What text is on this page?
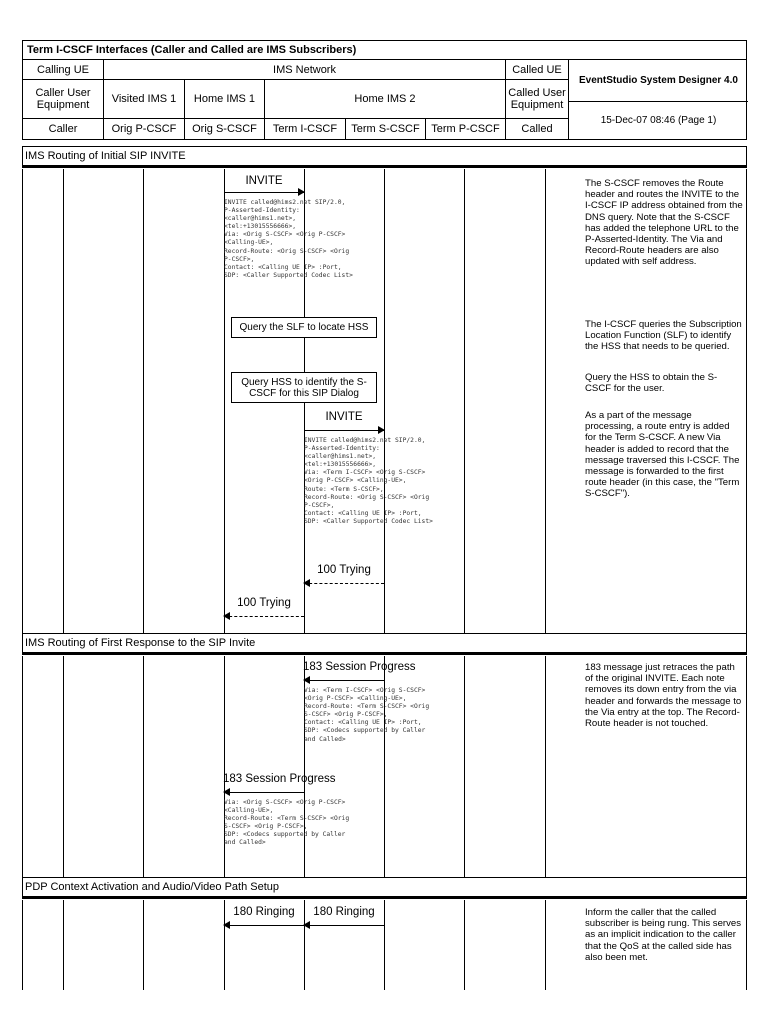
Term I-CSCF Interfaces (Caller and Called are IMS Subscribers)
Calling UE	IMS Network	Called UE
Caller User Equipment	Visited IMS 1	Home IMS 1	Home IMS 2	Called User Equipment
Caller	Orig P-CSCF	Orig S-CSCF	Term I-CSCF	Term S-CSCF	Term P-CSCF	Called
EventStudio System Designer 4.0
15-Dec-07 08:46 (Page 1)
IMS Routing of Initial SIP INVITE
IMS Routing of First Response to the SIP Invite
PDP Context Activation and Audio/Video Path Setup
INVITE
INVITE called@hims2.net SIP/2.0,
P-Asserted-Identity:
<caller@hims1.net>,
<tel:+13015556666>,
Via: <Orig S-CSCF> <Orig P-CSCF>
<Calling-UE>,
Record-Route: <Orig S-CSCF> <Orig
P-CSCF>,
Contact: <Calling UE IP> :Port,
SDP: <Caller Supported Codec List>
Query the SLF to locate HSS
Query HSS to identify the S-CSCF for this SIP Dialog
INVITE
INVITE called@hims2.net SIP/2.0,
P-Asserted-Identity:
<caller@hims1.net>,
<tel:+13015556666>,
Via: <Term I-CSCF> <Orig S-CSCF>
<Orig P-CSCF> <Calling-UE>,
Route: <Term S-CSCF>,
Record-Route: <Orig S-CSCF> <Orig
P-CSCF>,
Contact: <Calling UE IP> :Port,
SDP: <Caller Supported Codec List>
100 Trying
100 Trying
183 Session Progress
Via: <Term I-CSCF> <Orig S-CSCF>
<Orig P-CSCF> <Calling-UE>,
Record-Route: <Term S-CSCF> <Orig
S-CSCF> <Orig P-CSCF>,
Contact: <Calling UE IP> :Port,
SDP: <Codecs supported by Caller
and Called>
183 Session Progress
Via: <Orig S-CSCF> <Orig P-CSCF>
<Calling-UE>,
Record-Route: <Term S-CSCF> <Orig
S-CSCF> <Orig P-CSCF>,
SDP: <Codecs supported by Caller
and Called>
180 Ringing	180 Ringing
The S-CSCF removes the Route header and routes the INVITE to the I-CSCF IP address obtained from the DNS query. Note that the S-CSCF has added the telephone URL to the P-Asserted-Identity. The Via and Record-Route headers are also updated with self address.
The I-CSCF queries the Subscription Location Function (SLF) to identify the HSS that needs to be queried.
Query the HSS to obtain the S-CSCF for the user.
As a part of the message processing, a route entry is added for the Term S-CSCF. A new Via header is added to record that the message traversed this I-CSCF. The message is forwarded to the first route header (in this case, the "Term S-CSCF").
183 message just retraces the path of the original INVITE. Each note removes its down entry from the via header and forwards the message to the Via entry at the top. The Record-Route header is not touched.
Inform the caller that the called subscriber is being rung. This serves as an implicit indication to the caller that the QoS at the called side has also been met.
